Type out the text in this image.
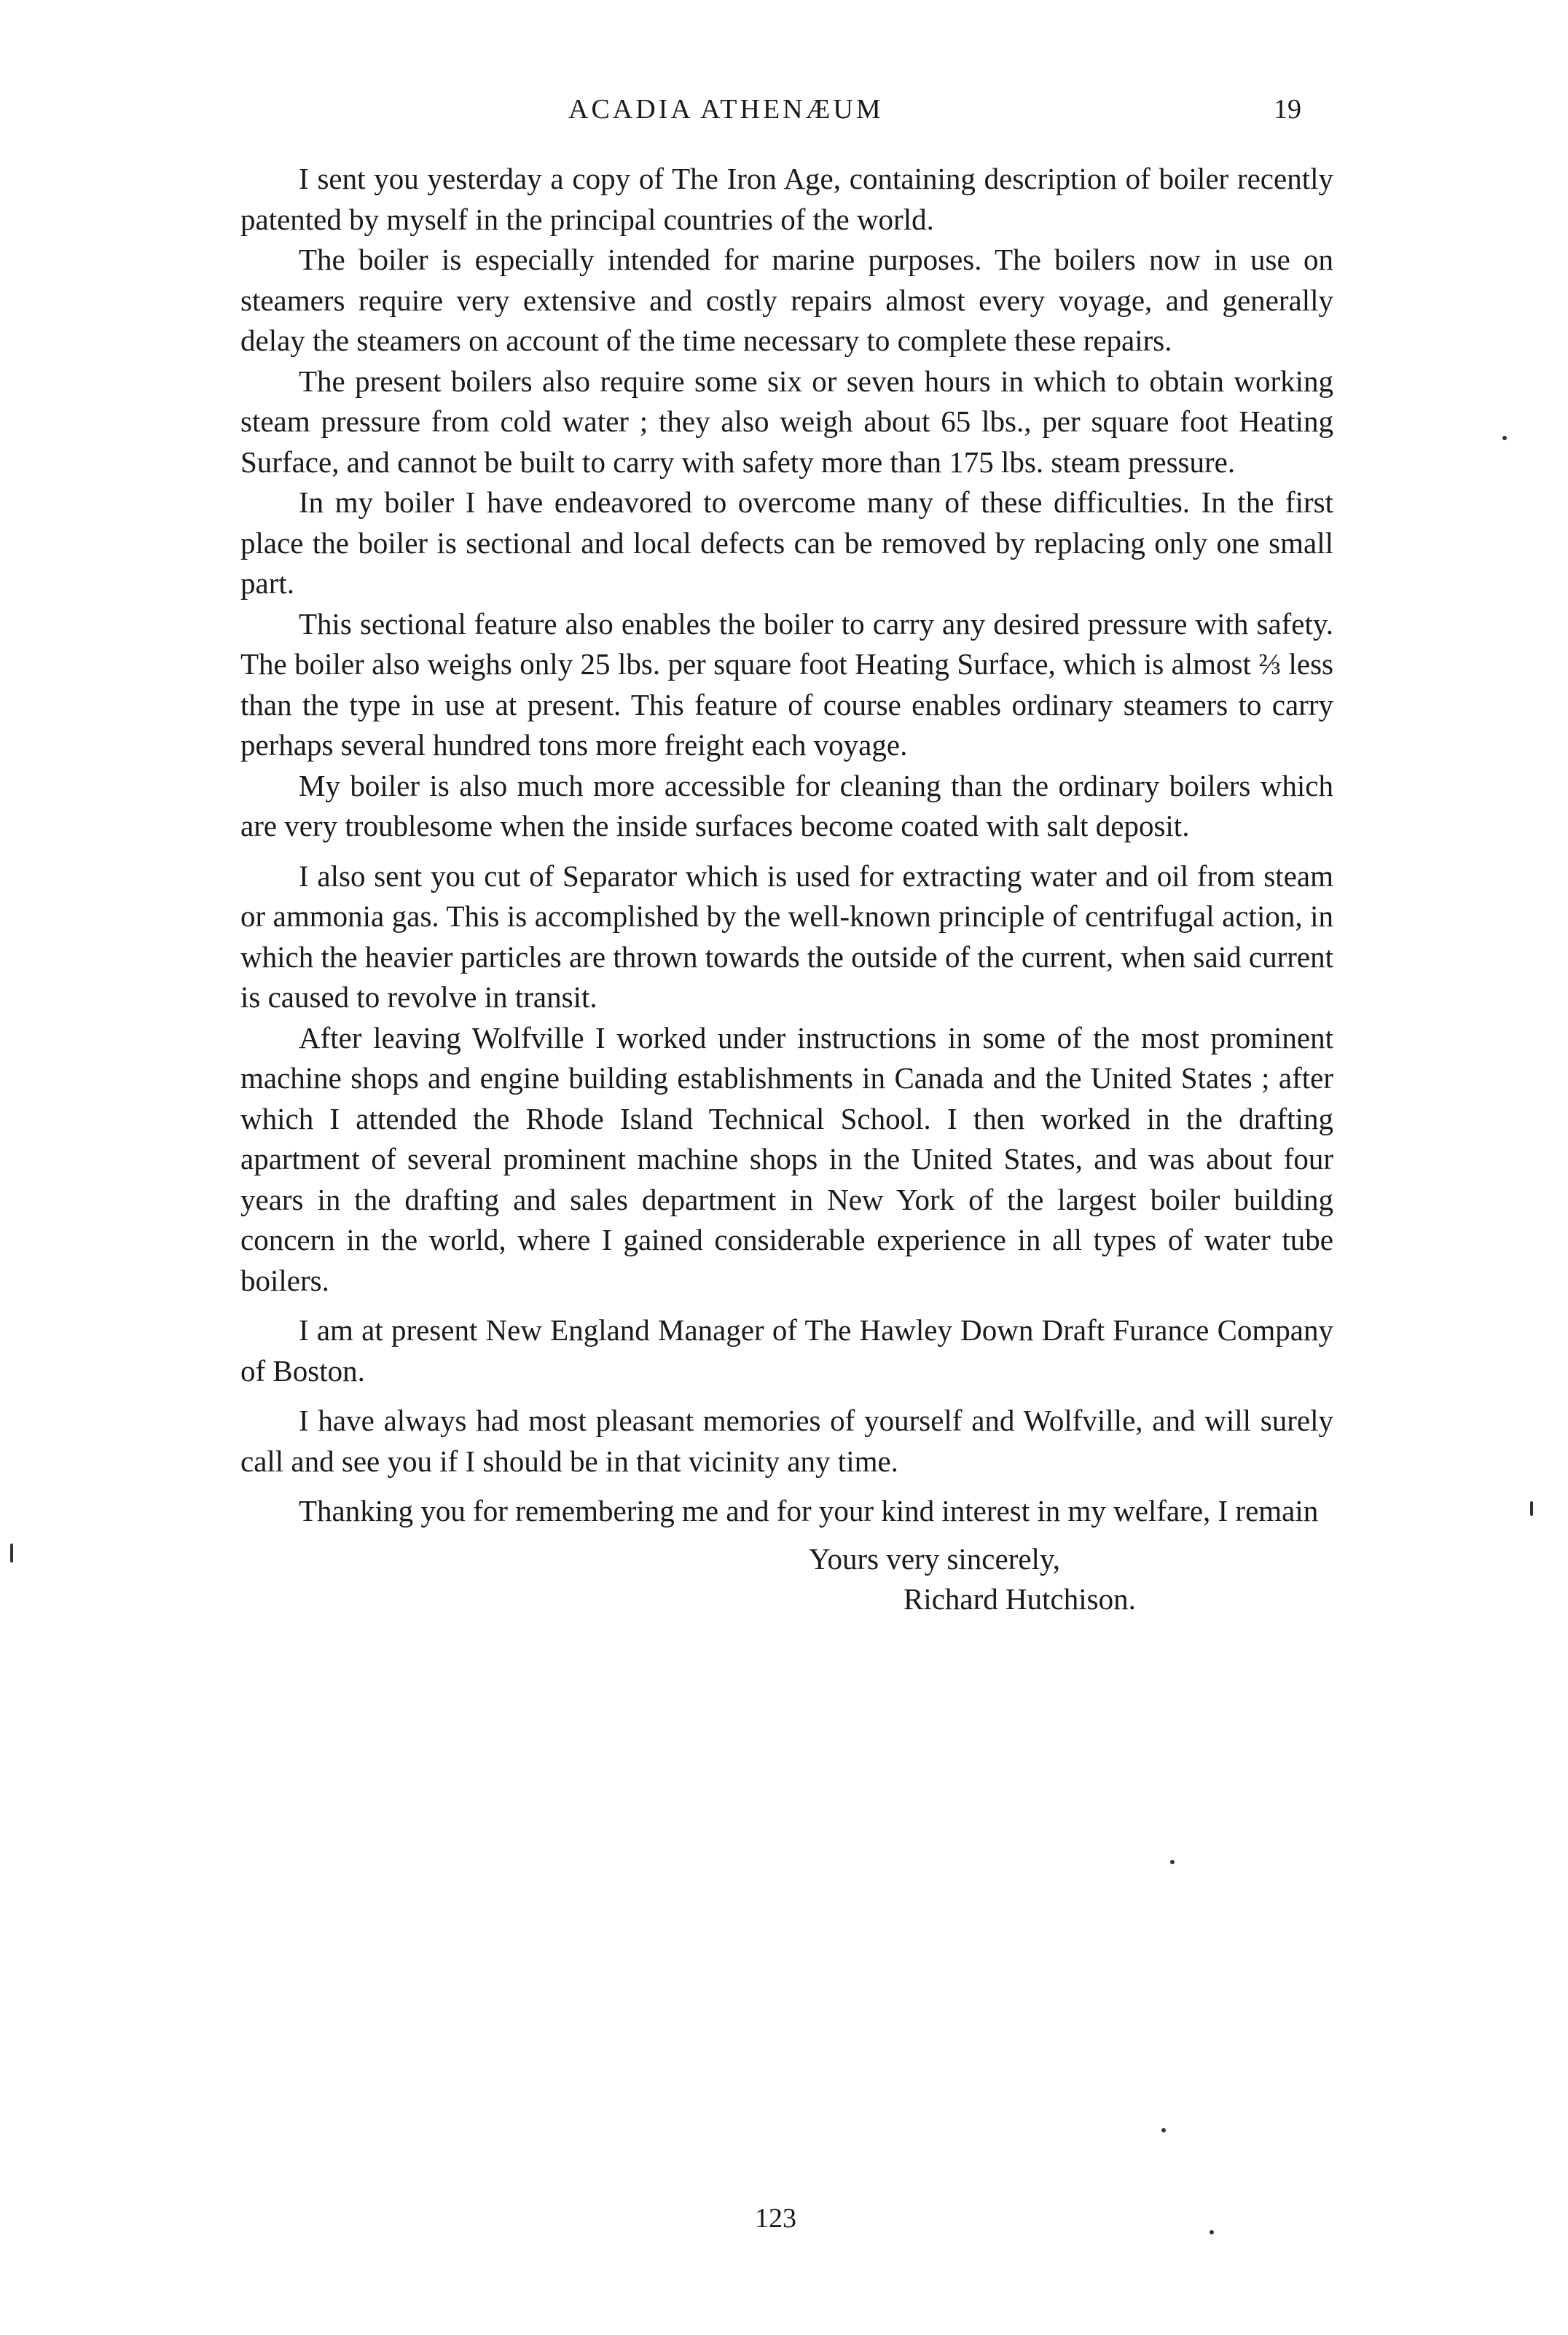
ACADIA ATHENÆUM	19

I sent you yesterday a copy of The Iron Age, containing description of boiler recently patented by myself in the principal countries of the world.

The boiler is especially intended for marine purposes. The boilers now in use on steamers require very extensive and costly repairs almost every voyage, and generally delay the steamers on account of the time necessary to complete these repairs.

The present boilers also require some six or seven hours in which to obtain working steam pressure from cold water ; they also weigh about 65 lbs., per square foot Heating Surface, and cannot be built to carry with safety more than 175 lbs. steam pressure.

In my boiler I have endeavored to overcome many of these difficulties. In the first place the boiler is sectional and local defects can be removed by replacing only one small part.

This sectional feature also enables the boiler to carry any desired pressure with safety. The boiler also weighs only 25 lbs. per square foot Heating Surface, which is almost ⅔ less than the type in use at present. This feature of course enables ordinary steamers to carry perhaps several hundred tons more freight each voyage.

My boiler is also much more accessible for cleaning than the ordinary boilers which are very troublesome when the inside surfaces become coated with salt deposit.

I also sent you cut of Separator which is used for extracting water and oil from steam or ammonia gas. This is accomplished by the well-known principle of centrifugal action, in which the heavier particles are thrown towards the outside of the current, when said current is caused to revolve in transit.

After leaving Wolfville I worked under instructions in some of the most prominent machine shops and engine building establishments in Canada and the United States ; after which I attended the Rhode Island Technical School. I then worked in the drafting apartment of several prominent machine shops in the United States, and was about four years in the drafting and sales department in New York of the largest boiler building concern in the world, where I gained considerable experience in all types of water tube boilers.

I am at present New England Manager of The Hawley Down Draft Furance Company of Boston.

I have always had most pleasant memories of yourself and Wolfville, and will surely call and see you if I should be in that vicinity any time.

Thanking you for remembering me and for your kind interest in my welfare, I remain

Yours very sincerely,
Richard Hutchison.
123
